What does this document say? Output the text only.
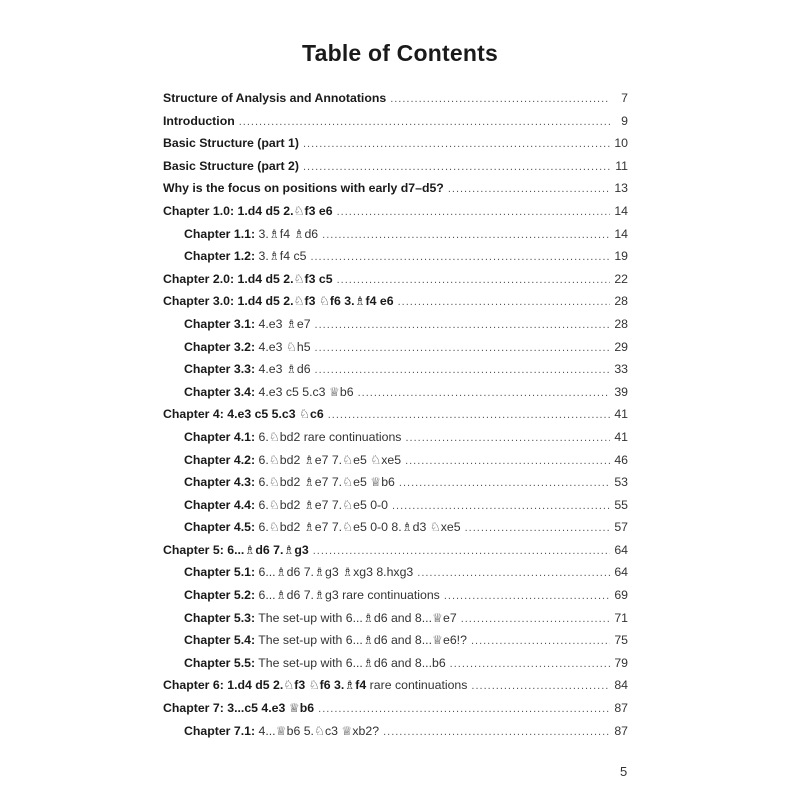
Table of Contents
Structure of Analysis and Annotations .....	7
Introduction .....	9
Basic Structure (part 1) .....	10
Basic Structure (part 2) .....	11
Why is the focus on positions with early d7–d5? .....	13
Chapter 1.0: 1.d4 d5 2.♘f3 e6 .....	14
Chapter 1.1: 3.♗f4 ♗d6 .....	14
Chapter 1.2: 3.♗f4 c5 .....	19
Chapter 2.0: 1.d4 d5 2.♘f3 c5 .....	22
Chapter 3.0: 1.d4 d5 2.♘f3 ♘f6 3.♗f4 e6 .....	28
Chapter 3.1: 4.e3 ♗e7 .....	28
Chapter 3.2: 4.e3 ♘h5 .....	29
Chapter 3.3: 4.e3 ♗d6 .....	33
Chapter 3.4: 4.e3 c5 5.c3 ♕b6 .....	39
Chapter 4: 4.e3 c5 5.c3 ♘c6 .....	41
Chapter 4.1: 6.♘bd2 rare continuations .....	41
Chapter 4.2: 6.♘bd2 ♗e7 7.♘e5 ♘xe5 .....	46
Chapter 4.3: 6.♘bd2 ♗e7 7.♘e5 ♕b6 .....	53
Chapter 4.4: 6.♘bd2 ♗e7 7.♘e5 0-0 .....	55
Chapter 4.5: 6.♘bd2 ♗e7 7.♘e5 0-0 8.♗d3 ♘xe5 .....	57
Chapter 5: 6...♗d6 7.♗g3 .....	64
Chapter 5.1: 6...♗d6 7.♗g3 ♗xg3 8.hxg3 .....	64
Chapter 5.2: 6...♗d6 7.♗g3 rare continuations .....	69
Chapter 5.3: The set-up with 6...♗d6 and 8...♕e7 .....	71
Chapter 5.4: The set-up with 6...♗d6 and 8...♕e6!? .....	75
Chapter 5.5: The set-up with 6...♗d6 and 8...b6 .....	79
Chapter 6: 1.d4 d5 2.♘f3 ♘f6 3.♗f4 rare continuations .....	84
Chapter 7: 3...c5 4.e3 ♕b6 .....	87
Chapter 7.1: 4...♕b6 5.♘c3 ♕xb2? .....	87
5
